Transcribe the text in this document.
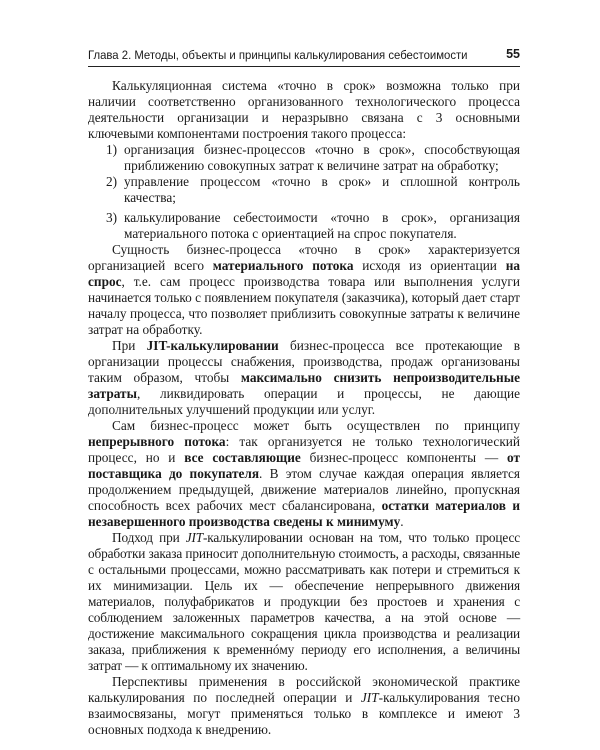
Глава 2. Методы, объекты и принципы калькулирования себестоимости	55

Калькуляционная система «точно в срок» возможна только при наличии соответственно организованного технологического процесса деятельности организации и неразрывно связана с 3 основными ключевыми компонентами построения такого процесса:

1) организация бизнес-процессов «точно в срок», способствующая приближению совокупных затрат к величине затрат на обработку;
2) управление процессом «точно в срок» и сплошной контроль качества;
3) калькулирование себестоимости «точно в срок», организация материального потока с ориентацией на спрос покупателя.

Сущность бизнес-процесса «точно в срок» характеризуется организацией всего материального потока исходя из ориентации на спрос, т.е. сам процесс производства товара или выполнения услуги начинается только с появлением покупателя (заказчика), который дает старт началу процесса, что позволяет приблизить совокупные затраты к величине затрат на обработку.

При JIT-калькулировании бизнес-процесса все протекающие в организации процессы снабжения, производства, продаж организованы таким образом, чтобы максимально снизить непроизводительные затраты, ликвидировать операции и процессы, не дающие дополнительных улучшений продукции или услуг.

Сам бизнес-процесс может быть осуществлен по принципу непрерывного потока: так организуется не только технологический процесс, но и все составляющие бизнес-процесс компоненты — от поставщика до покупателя. В этом случае каждая операция является продолжением предыдущей, движение материалов линейно, пропускная способность всех рабочих мест сбалансирована, остатки материалов и незавершенного производства сведены к минимуму.

Подход при JIT-калькулировании основан на том, что только процесс обработки заказа приносит дополнительную стоимость, а расходы, связанные с остальными процессами, можно рассматривать как потери и стремиться к их минимизации. Цель их — обеспечение непрерывного движения материалов, полуфабрикатов и продукции без простоев и хранения с соблюдением заложенных параметров качества, а на этой основе — достижение максимального сокращения цикла производства и реализации заказа, приближения к временнóму периоду его исполнения, а величины затрат — к оптимальному их значению.

Перспективы применения в российской экономической практике калькулирования по последней операции и JIT-калькулирования тесно взаимосвязаны, могут применяться только в комплексе и имеют 3 основных подхода к внедрению.
